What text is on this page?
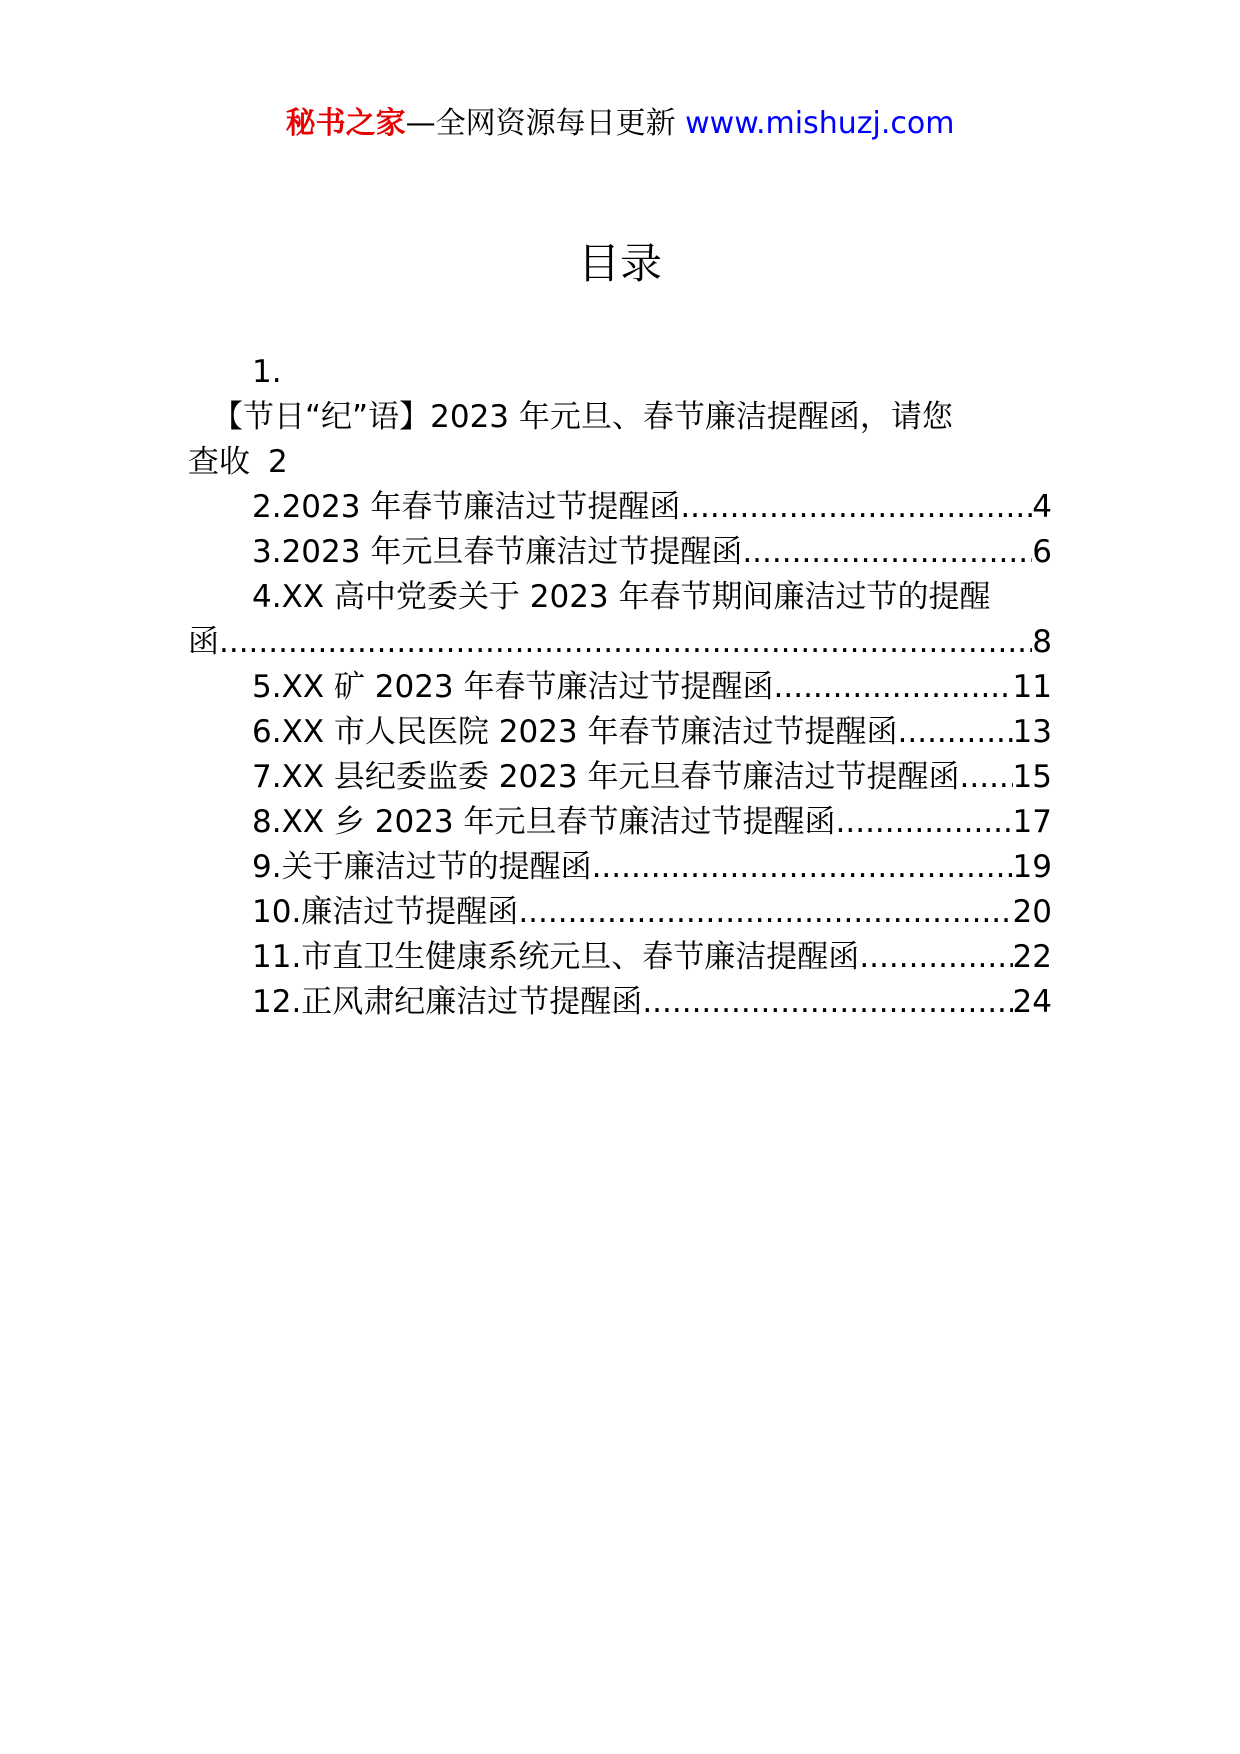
秘书之家—全网资源每日更新 www.mishuzj.com
目录
1.
【节日“纪”语】2023 年元旦、春节廉洁提醒函，请您
查收 2
2.2023 年春节廉洁过节提醒函 .....	4
3.2023 年元旦春节廉洁过节提醒函 .....	6
4.XX 高中党委关于 2023 年春节期间廉洁过节的提醒
函 .....	8
5.XX 矿 2023 年春节廉洁过节提醒函 .....	11
6.XX 市人民医院 2023 年春节廉洁过节提醒函 .....	13
7.XX 县纪委监委 2023 年元旦春节廉洁过节提醒函 ..... 15
8.XX 乡 2023 年元旦春节廉洁过节提醒函 .....	17
9.关于廉洁过节的提醒函 .....	19
10.廉洁过节提醒函 .....	20
11.市直卫生健康系统元旦、春节廉洁提醒函 .....	22
12.正风肃纪廉洁过节提醒函 .....	24
